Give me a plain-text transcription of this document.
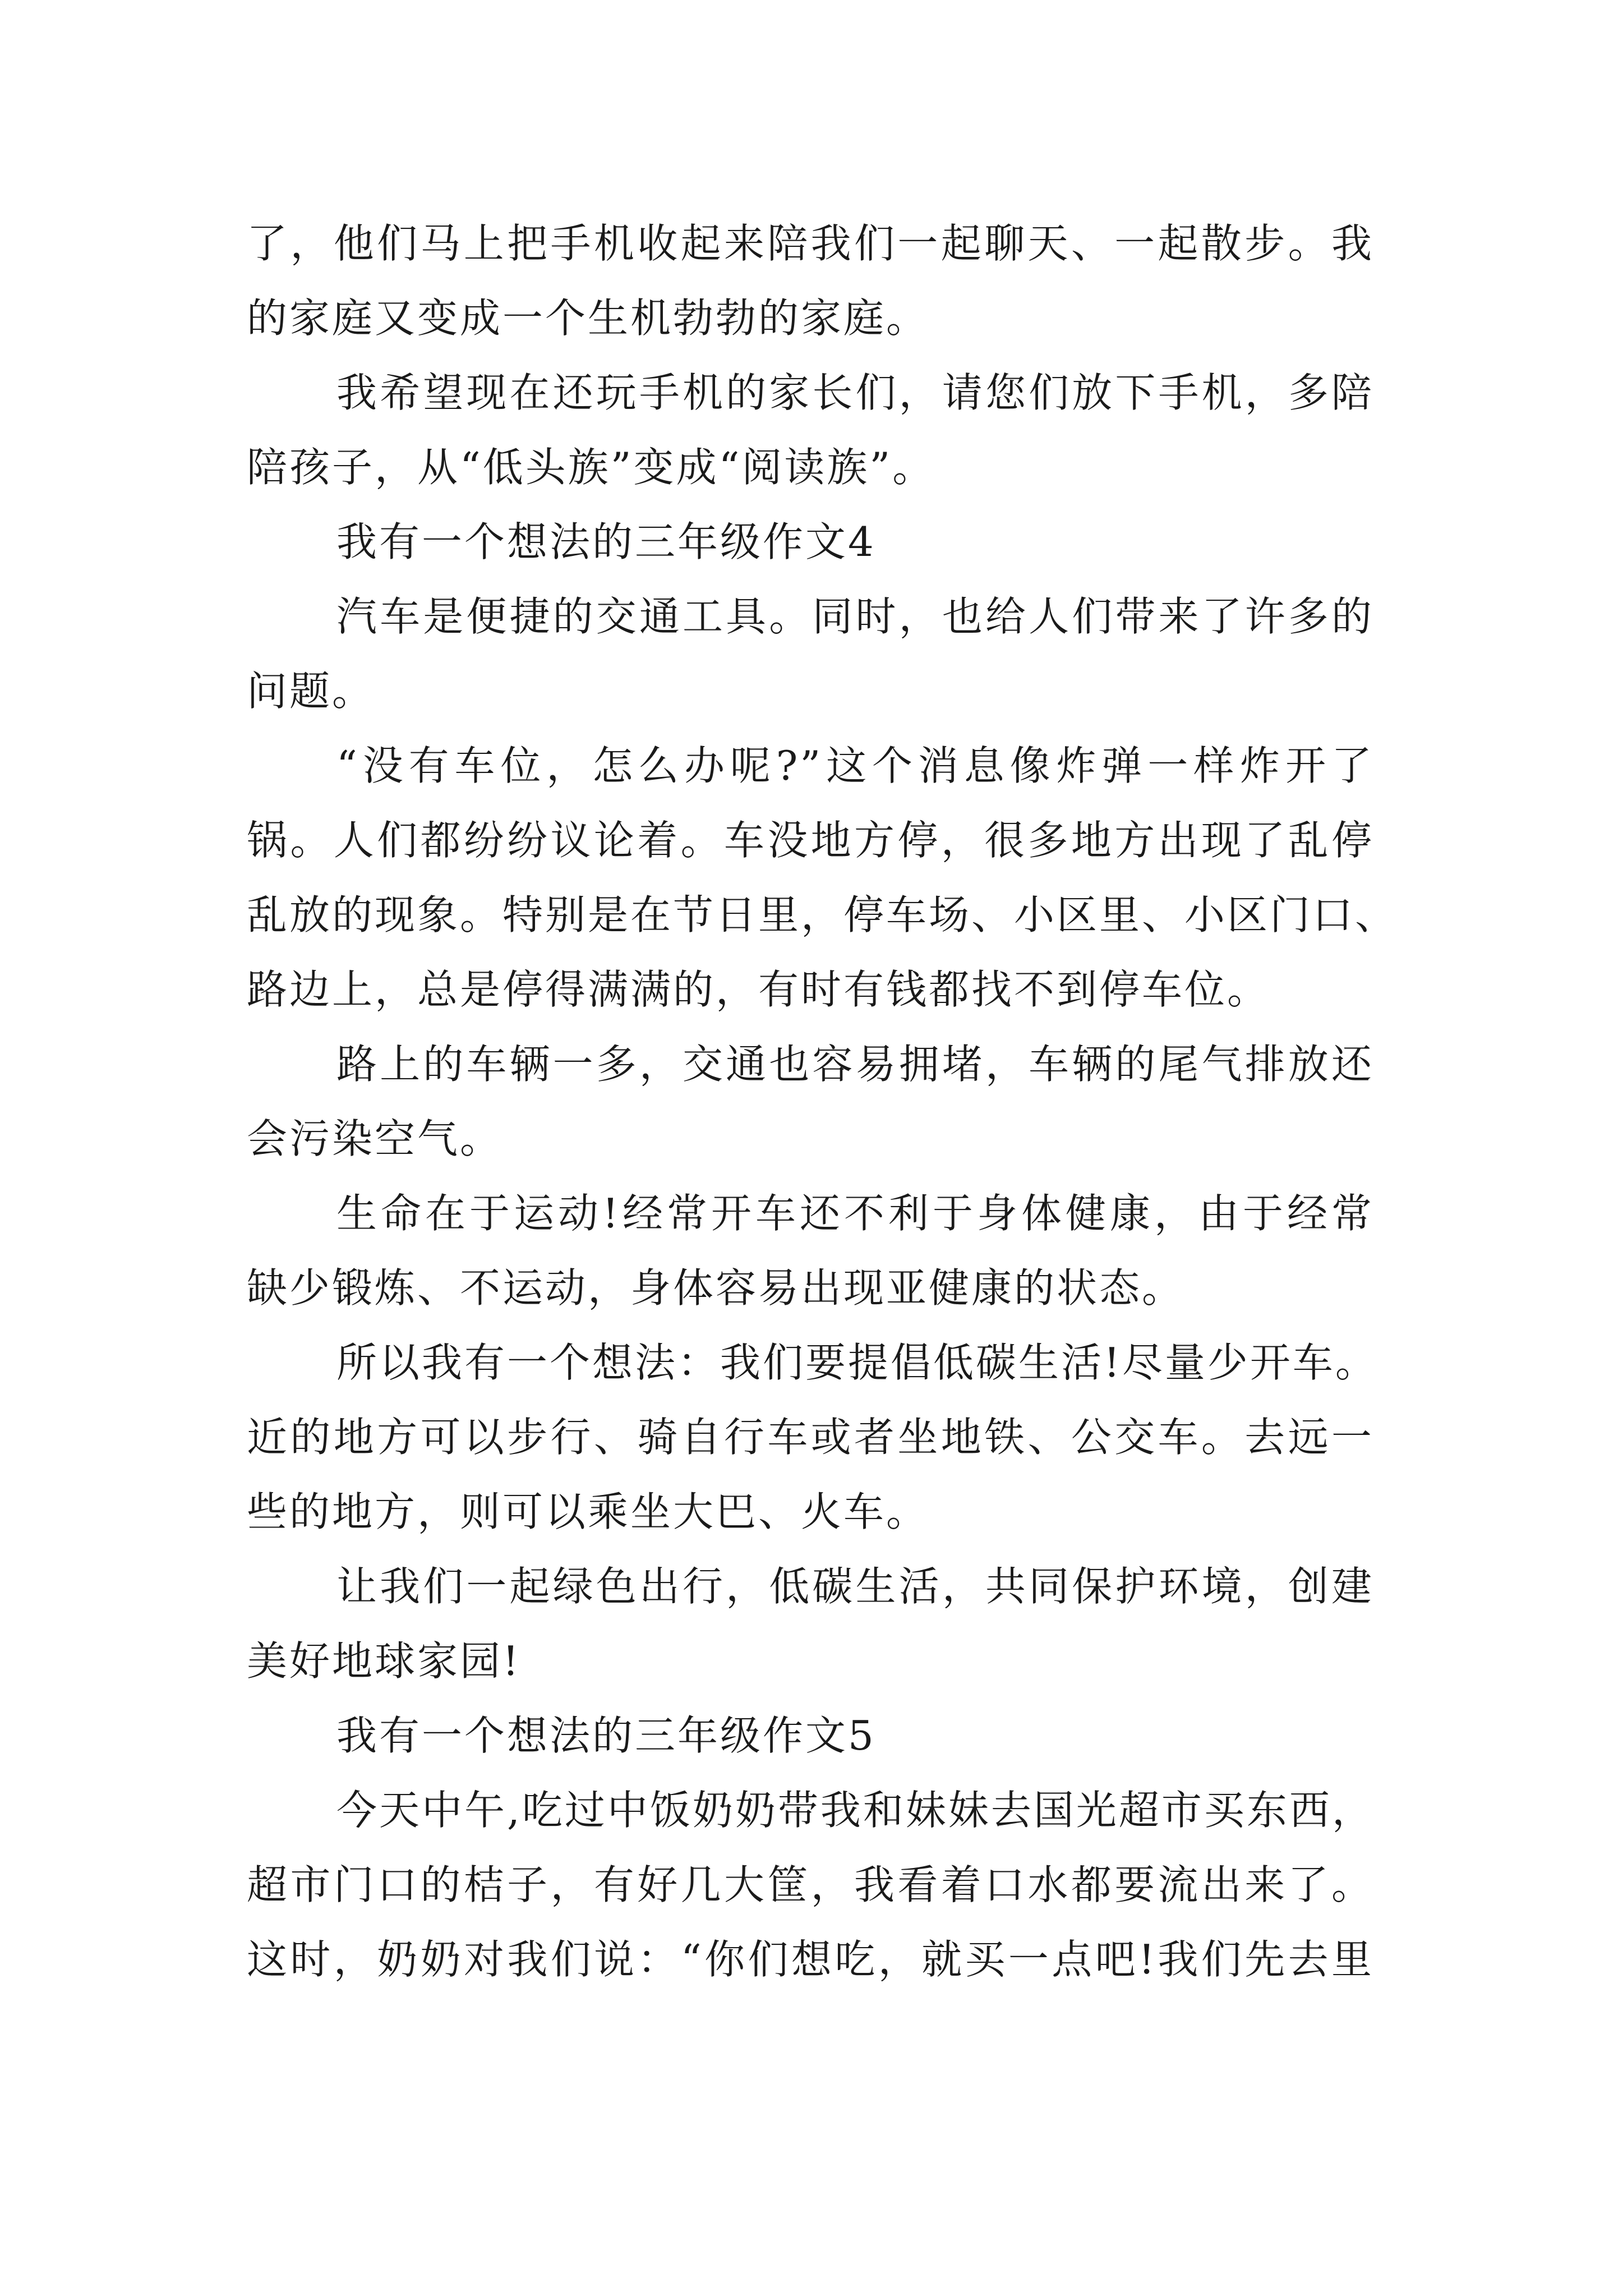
了，他们马上把手机收起来陪我们一起聊天、一起散步。我
的家庭又变成一个生机勃勃的家庭。
我希望现在还玩手机的家长们，请您们放下手机，多陪
陪孩子，从“低头族”变成“阅读族”。
我有一个想法的三年级作文4
汽车是便捷的交通工具。同时，也给人们带来了许多的
问题。
“没有车位，怎么办呢?”这个消息像炸弹一样炸开了
锅。人们都纷纷议论着。车没地方停，很多地方出现了乱停
乱放的现象。特别是在节日里，停车场、小区里、小区门口、
路边上，总是停得满满的，有时有钱都找不到停车位。
路上的车辆一多，交通也容易拥堵，车辆的尾气排放还
会污染空气。
生命在于运动!经常开车还不利于身体健康，由于经常
缺少锻炼、不运动，身体容易出现亚健康的状态。
所以我有一个想法：我们要提倡低碳生活!尽量少开车。
近的地方可以步行、骑自行车或者坐地铁、公交车。去远一
些的地方，则可以乘坐大巴、火车。
让我们一起绿色出行，低碳生活，共同保护环境，创建
美好地球家园!
我有一个想法的三年级作文5
今天中午,吃过中饭奶奶带我和妹妹去国光超市买东西，
超市门口的桔子，有好几大筐，我看着口水都要流出来了。
这时，奶奶对我们说：“你们想吃，就买一点吧!我们先去里
